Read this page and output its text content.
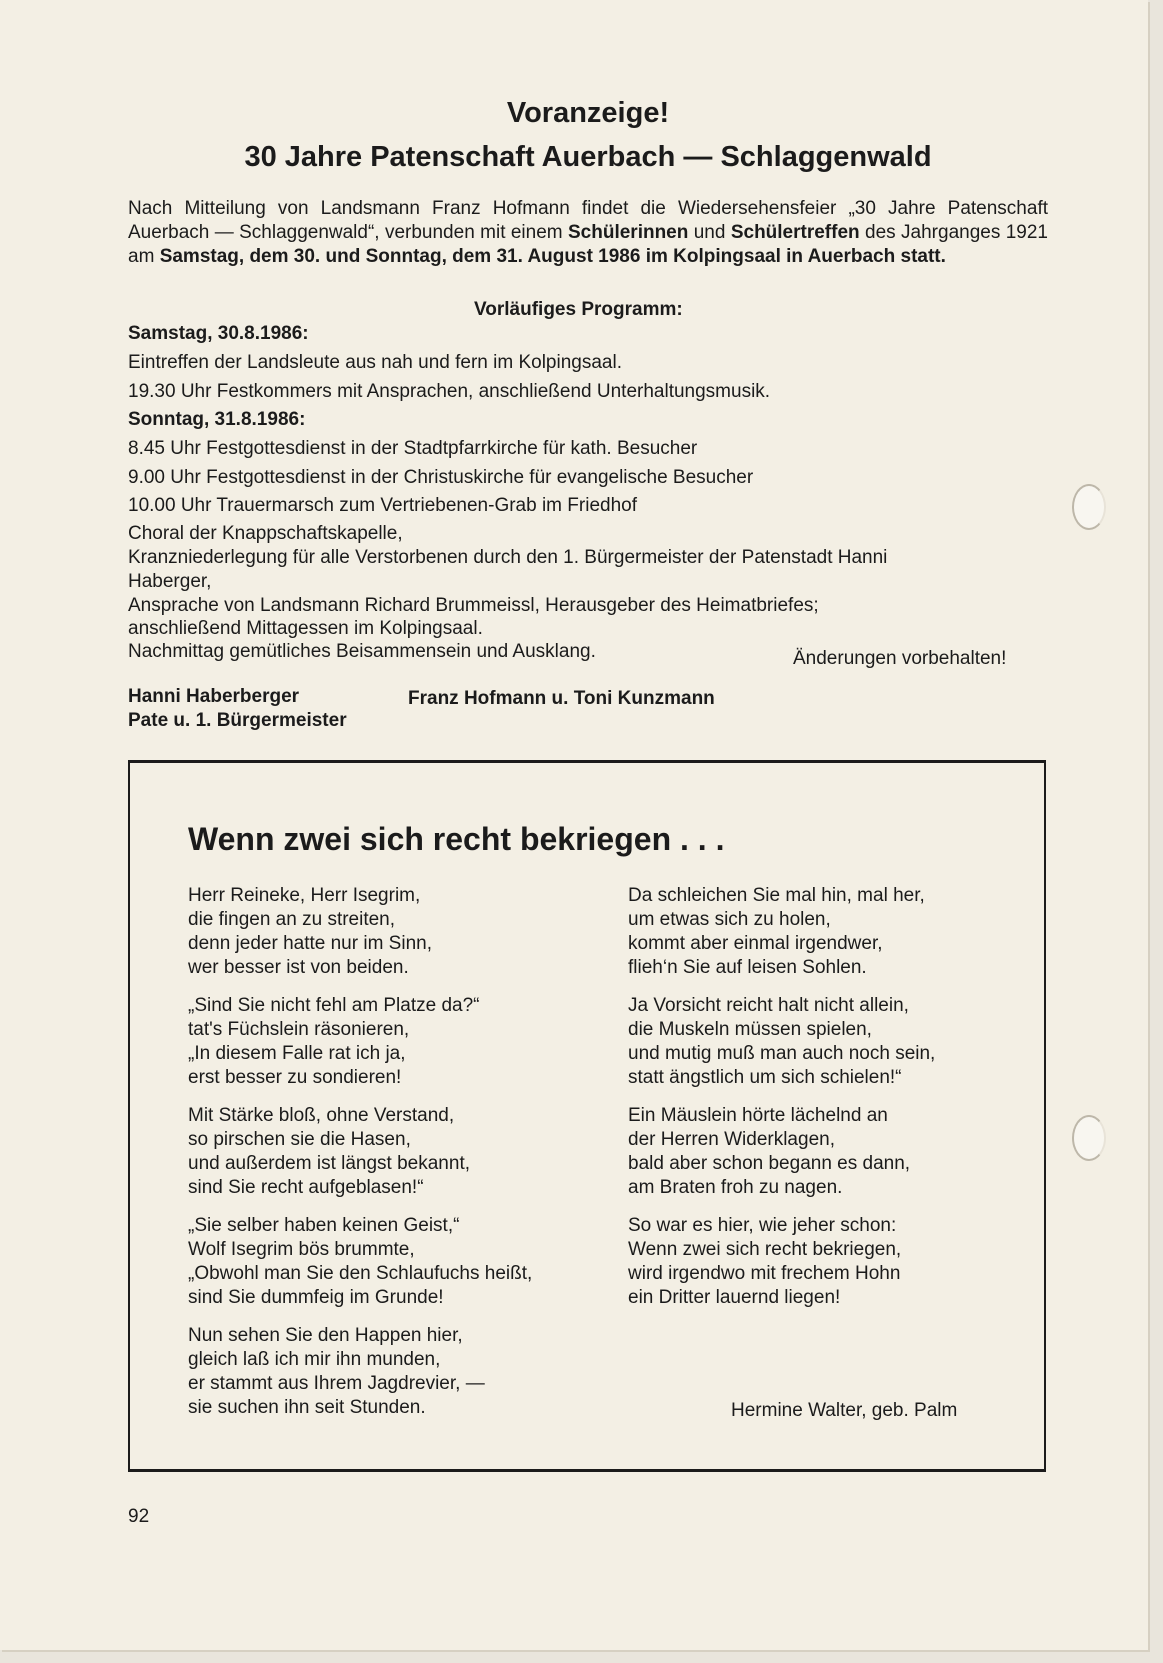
Voranzeige!
30 Jahre Patenschaft Auerbach — Schlaggenwald
Nach Mitteilung von Landsmann Franz Hofmann findet die Wiedersehensfeier „30 Jahre Patenschaft Auerbach — Schlaggenwald“, verbunden mit einem Schülerinnen und Schülertreffen des Jahrganges 1921 am Samstag, dem 30. und Sonntag, dem 31. August 1986 im Kolpingsaal in Auerbach statt.
Vorläufiges Programm:
Samstag, 30.8.1986:
Eintreffen der Landsleute aus nah und fern im Kolpingsaal.
19.30 Uhr Festkommers mit Ansprachen, anschließend Unterhaltungsmusik.
Sonntag, 31.8.1986:
8.45 Uhr Festgottesdienst in der Stadtpfarrkirche für kath. Besucher
9.00 Uhr Festgottesdienst in der Christuskirche für evangelische Besucher
10.00 Uhr Trauermarsch zum Vertriebenen-Grab im Friedhof
Choral der Knappschaftskapelle,
Kranzniederlegung für alle Verstorbenen durch den 1. Bürgermeister der Patenstadt Hanni
Haberger,
Ansprache von Landsmann Richard Brummeissl, Herausgeber des Heimatbriefes;
anschließend Mittagessen im Kolpingsaal.
Nachmittag gemütliches Beisammensein und Ausklang.	Änderungen vorbehalten!
Hanni Haberberger
Pate u. 1. Bürgermeister
Franz Hofmann u. Toni Kunzmann
Wenn zwei sich recht bekriegen . . .
Herr Reineke, Herr Isegrim,
die fingen an zu streiten,
denn jeder hatte nur im Sinn,
wer besser ist von beiden.
„Sind Sie nicht fehl am Platze da?“
tat's Füchslein räsonieren,
„In diesem Falle rat ich ja,
erst besser zu sondieren!
Mit Stärke bloß, ohne Verstand,
so pirschen sie die Hasen,
und außerdem ist längst bekannt,
sind Sie recht aufgeblasen!“
„Sie selber haben keinen Geist,“
Wolf Isegrim bös brummte,
„Obwohl man Sie den Schlaufuchs heißt,
sind Sie dummfeig im Grunde!
Nun sehen Sie den Happen hier,
gleich laß ich mir ihn munden,
er stammt aus Ihrem Jagdrevier, —
sie suchen ihn seit Stunden.
Da schleichen Sie mal hin, mal her,
um etwas sich zu holen,
kommt aber einmal irgendwer,
flieh‘n Sie auf leisen Sohlen.
Ja Vorsicht reicht halt nicht allein,
die Muskeln müssen spielen,
und mutig muß man auch noch sein,
statt ängstlich um sich schielen!“
Ein Mäuslein hörte lächelnd an
der Herren Widerklagen,
bald aber schon begann es dann,
am Braten froh zu nagen.
So war es hier, wie jeher schon:
Wenn zwei sich recht bekriegen,
wird irgendwo mit frechem Hohn
ein Dritter lauernd liegen!
Hermine Walter, geb. Palm
92
